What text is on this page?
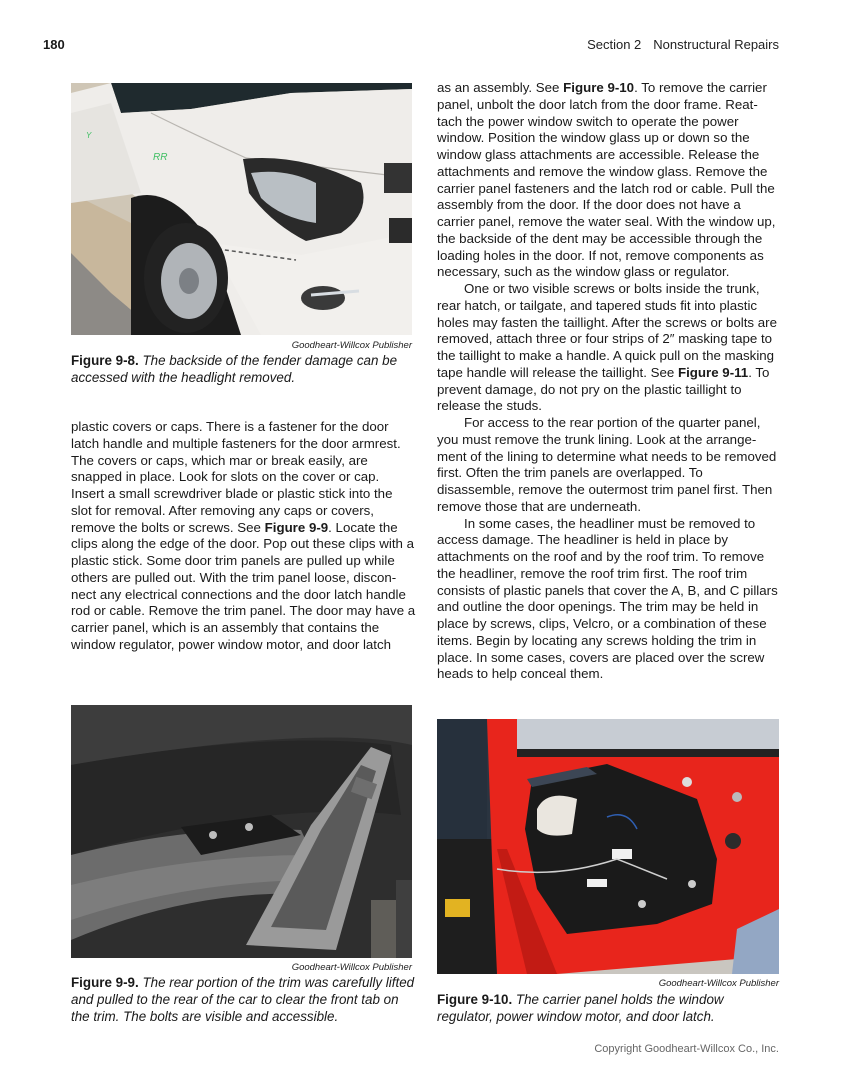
180	Section 2 Nonstructural Repairs
RR
Y
Goodheart-Willcox Publisher
Figure 9-8. The backside of the fender damage can be accessed with the headlight removed.

plastic covers or caps. There is a fastener for the door latch handle and multiple fasteners for the door armrest. The covers or caps, which mar or break easily, are snapped in place. Look for slots on the cover or cap. Insert a small screwdriver blade or plastic stick into the slot for removal. After removing any caps or covers, remove the bolts or screws. See Figure 9-9. Locate the clips along the edge of the door. Pop out these clips with a plastic stick. Some door trim panels are pulled up while others are pulled out. With the trim panel loose, discon-nect any electrical connections and the door latch handle rod or cable. Remove the trim panel. The door may have a carrier panel, which is an assembly that contains the window regulator, power window motor, and door latch

as an assembly. See Figure 9-10. To remove the carrier panel, unbolt the door latch from the door frame. Reat-tach the power window switch to operate the power window. Position the window glass up or down so the window glass attachments are accessible. Release the attachments and remove the window glass. Remove the carrier panel fasteners and the latch rod or cable. Pull the assembly from the door. If the door does not have a carrier panel, remove the water seal. With the window up, the backside of the dent may be accessible through the loading holes in the door. If not, remove components as necessary, such as the window glass or regulator.

One or two visible screws or bolts inside the trunk, rear hatch, or tailgate, and tapered studs fit into plastic holes may fasten the taillight. After the screws or bolts are removed, attach three or four strips of 2″ masking tape to the taillight to make a handle. A quick pull on the masking tape handle will release the taillight. See Figure 9-11. To prevent damage, do not pry on the plastic taillight to release the studs.

For access to the rear portion of the quarter panel, you must remove the trunk lining. Look at the arrange-ment of the lining to determine what needs to be removed first. Often the trim panels are overlapped. To disassemble, remove the outermost trim panel first. Then remove those that are underneath.

In some cases, the headliner must be removed to access damage. The headliner is held in place by attachments on the roof and by the roof trim. To remove the headliner, remove the roof trim first. The roof trim consists of plastic panels that cover the A, B, and C pillars and outline the door openings. The trim may be held in place by screws, clips, Velcro, or a combination of these items. Begin by locating any screws holding the trim in place. In some cases, covers are placed over the screw heads to help conceal them.

Goodheart-Willcox Publisher
Figure 9-9. The rear portion of the trim was carefully lifted and pulled to the rear of the car to clear the front tab on the trim. The bolts are visible and accessible.
Goodheart-Willcox Publisher
Figure 9-10. The carrier panel holds the window regulator, power window motor, and door latch.
Copyright Goodheart-Willcox Co., Inc.
